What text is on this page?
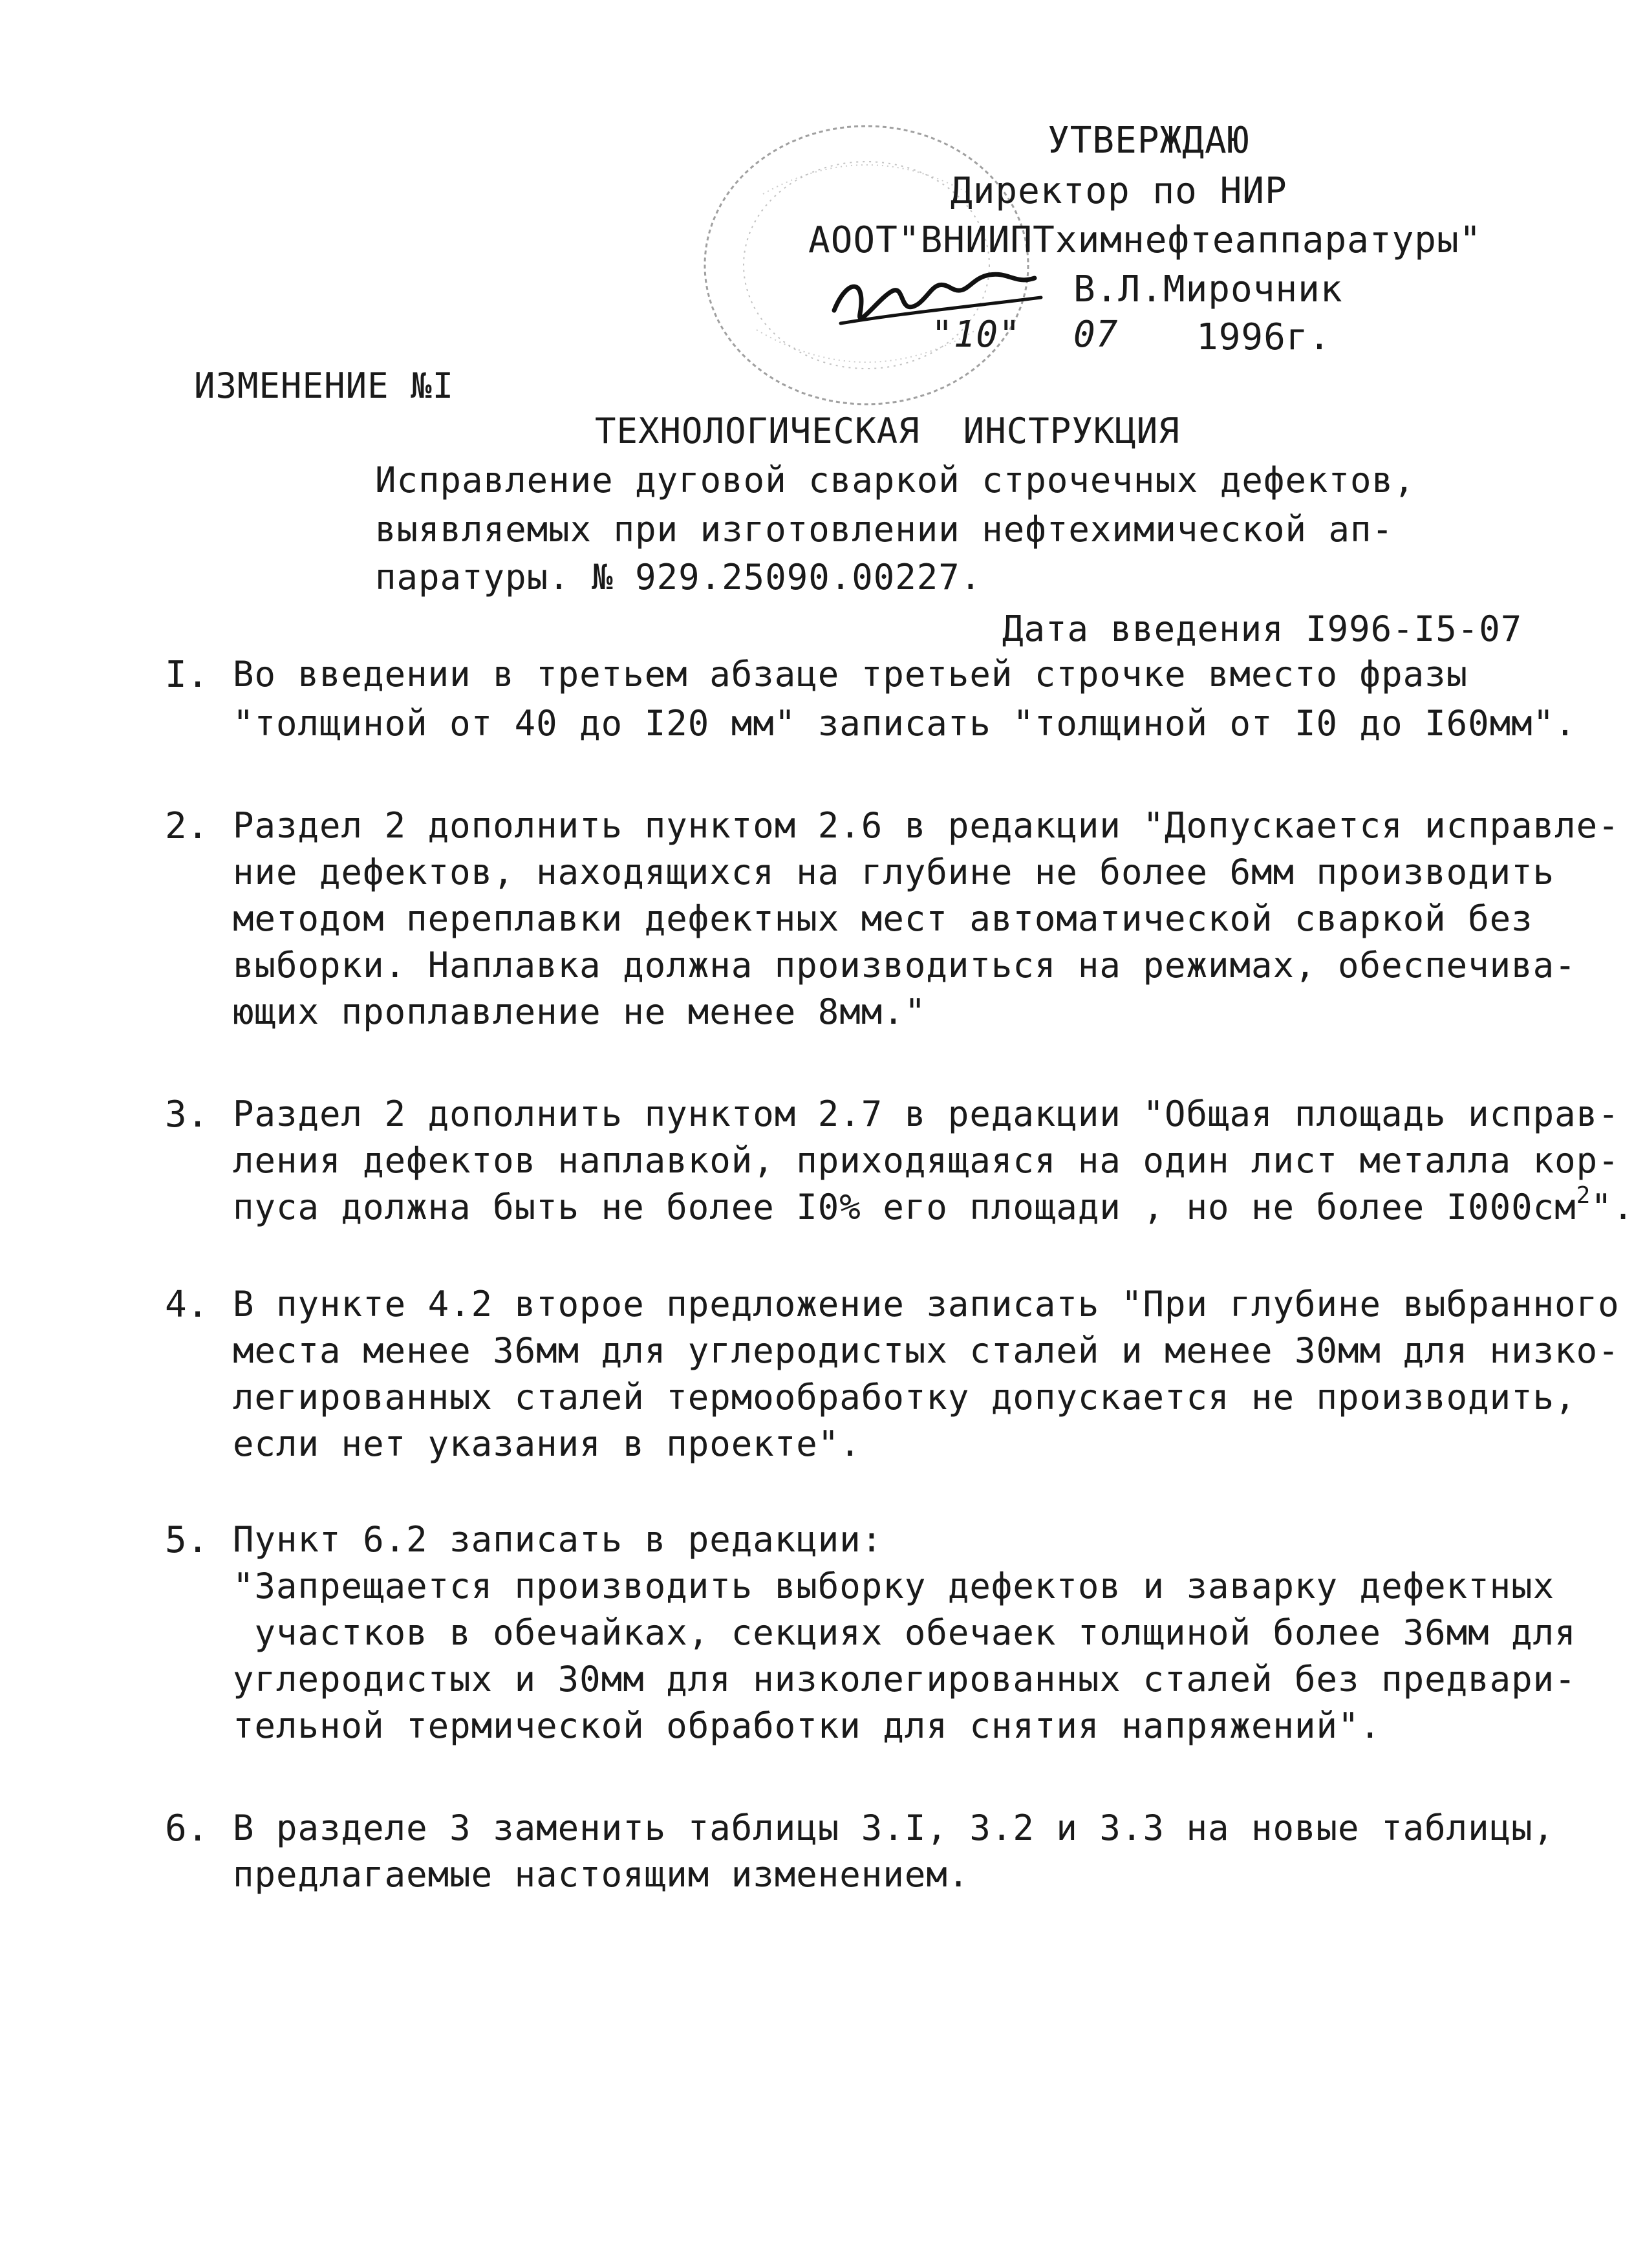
УТВЕРЖДАЮ
Директор по НИР
АООТ"ВНИИПТхимнефтеаппаратуры"
В.Л.Мирочник
"10" 07 1996г.
ИЗМЕНЕНИЕ №I
ТЕХНОЛОГИЧЕСКАЯ  ИНСТРУКЦИЯ
Исправление дуговой сваркой строчечных дефектов,
выявляемых при изготовлении нефтехимической ап-
паратуры. № 929.25090.00227.
Дата введения I996-I5-07
I. Во введении в третьем абзаце третьей строчке вместо фразы
"толщиной от 40 до I20 мм" записать "толщиной от I0 до I60мм".
2. Раздел 2 дополнить пунктом 2.6 в редакции "Допускается исправле-
ние дефектов, находящихся на глубине не более 6мм производить
методом переплавки дефектных мест автоматической сваркой без
выборки. Наплавка должна производиться на режимах, обеспечива-
ющих проплавление не менее 8мм."
3. Раздел 2 дополнить пунктом 2.7 в редакции "Общая площадь исправ-
ления дефектов наплавкой, приходящаяся на один лист металла кор-
пуса должна быть не более I0% его площади , но не более $I000см^2$".
4. В пункте 4.2 второе предложение записать "При глубине выбранного
места менее 36мм для углеродистых сталей и менее 30мм для низко-
легированных сталей термообработку допускается не производить,
если нет указания в проекте".
5. Пункт 6.2 записать в редакции:
"Запрещается производить выборку дефектов и заварку дефектных
участков в обечайках, секциях обечаек толщиной более 36мм для
углеродистых и 30мм для низколегированных сталей без предвари-
тельной термической обработки для снятия напряжений".
6. В разделе 3 заменить таблицы 3.I, 3.2 и 3.3 на новые таблицы,
предлагаемые настоящим изменением.
